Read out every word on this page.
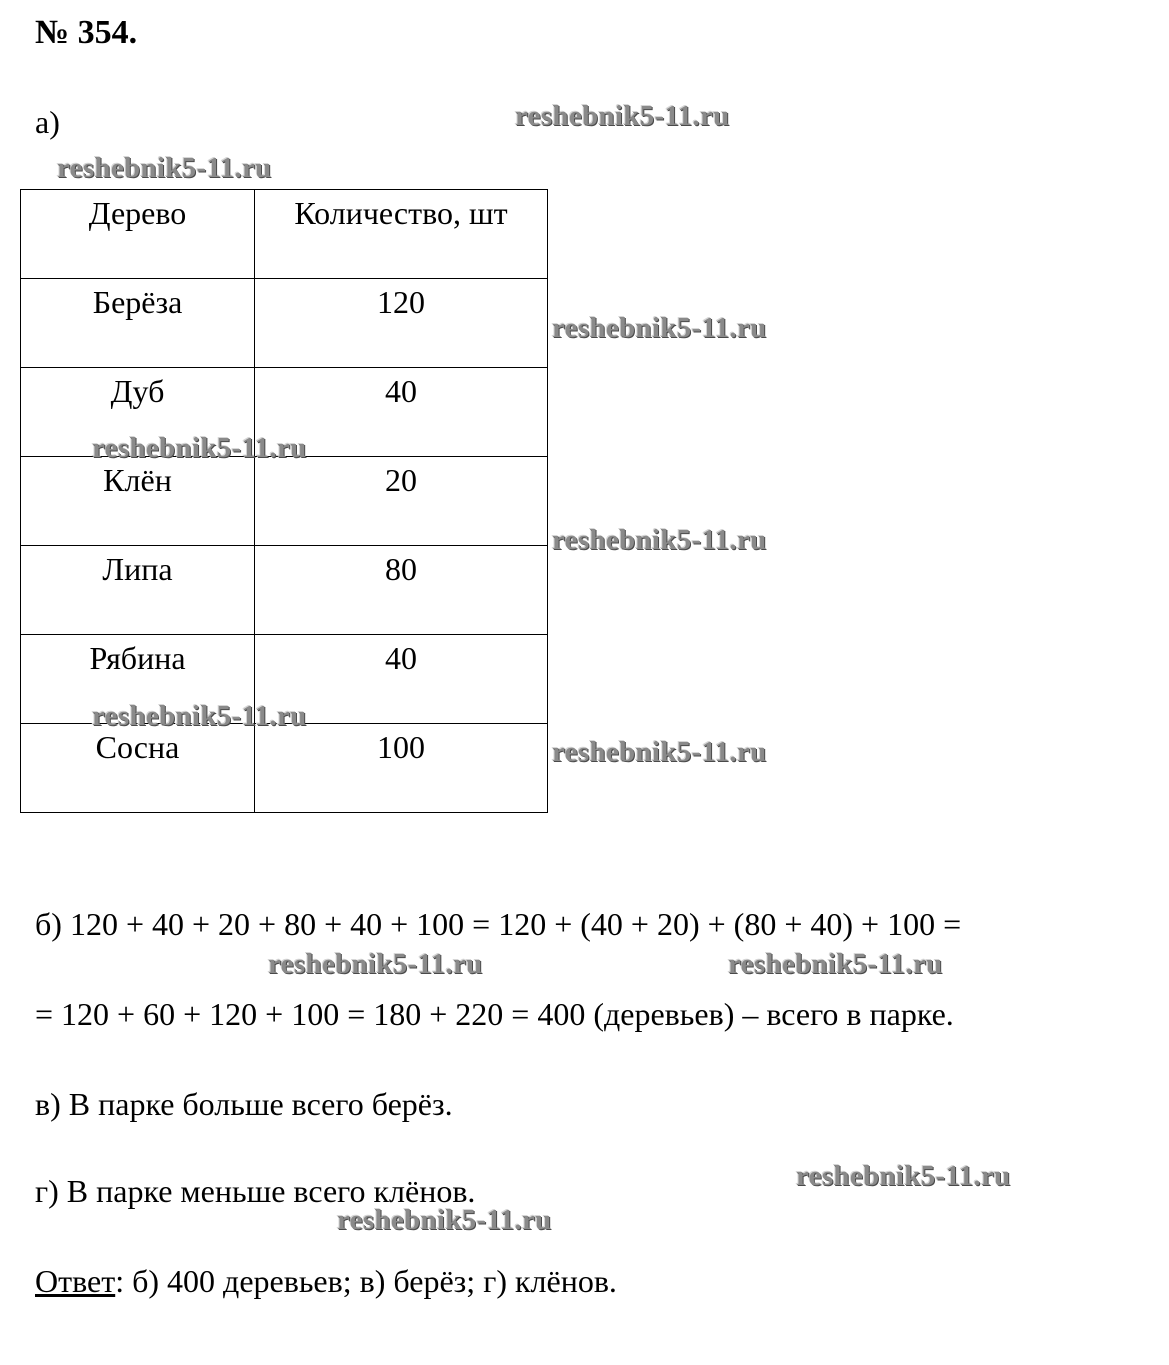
№ 354.
а)
Дерево	Количество, шт
Берёза	120
Дуб	40
Клён	20
Липа	80
Рябина	40
Сосна	100
б) 120 + 40 + 20 + 80 + 40 + 100 = 120 + (40 + 20) + (80 + 40) + 100 =
= 120 + 60 + 120 + 100 = 180 + 220 = 400 (деревьев) – всего в парке.
в) В парке больше всего берёз.
г) В парке меньше всего клёнов.
Ответ: б) 400 деревьев; в) берёз; г) клёнов.
reshebnik5-11.ru
reshebnik5-11.ru
reshebnik5-11.ru
reshebnik5-11.ru
reshebnik5-11.ru
reshebnik5-11.ru
reshebnik5-11.ru
reshebnik5-11.ru	reshebnik5-11.ru
reshebnik5-11.ru
reshebnik5-11.ru
